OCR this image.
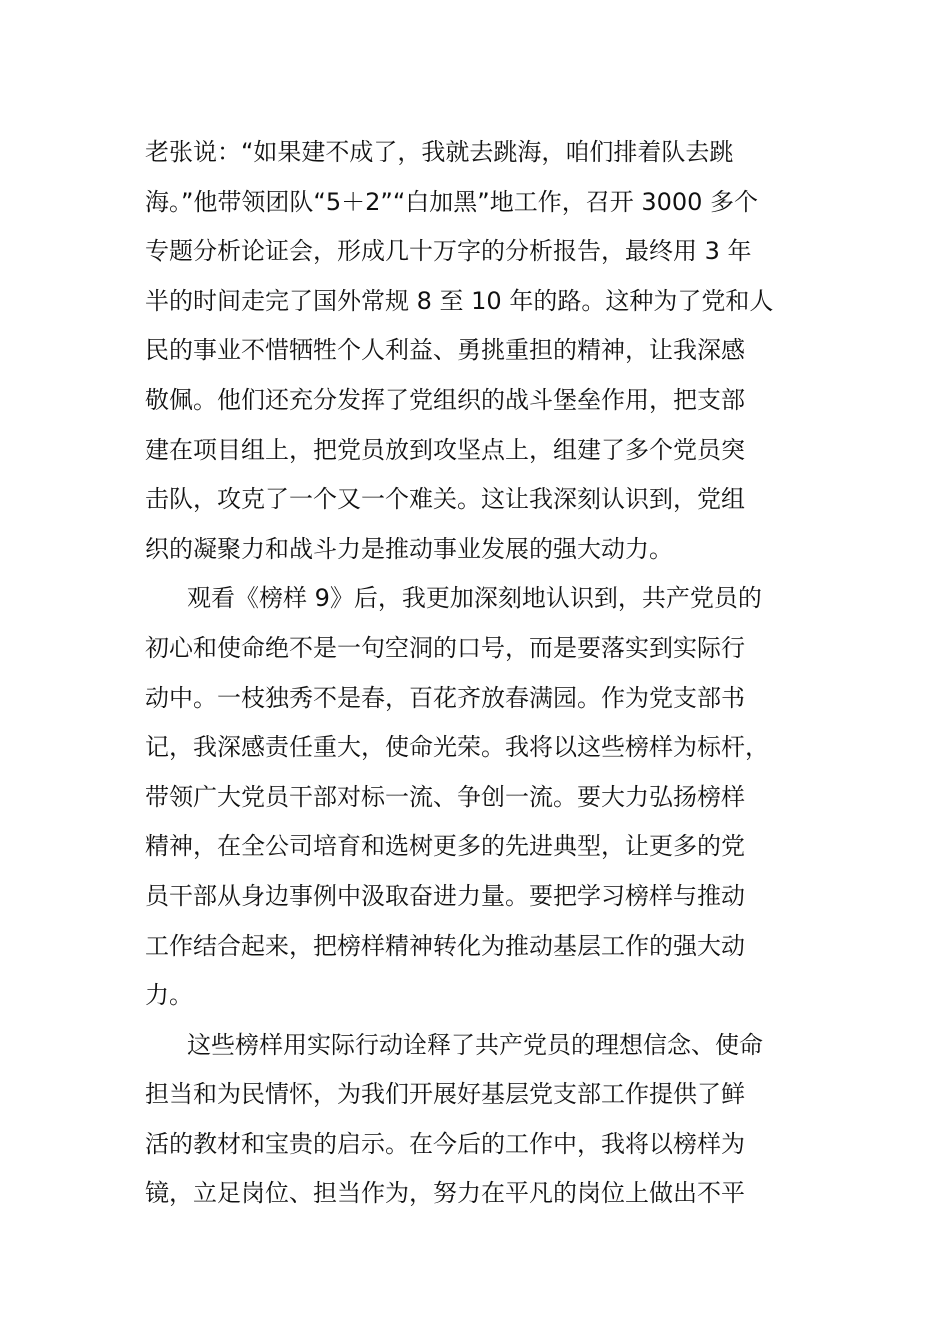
老张说：“如果建不成了，我就去跳海，咱们排着队去跳
海。”他带领团队“5＋2”“白加黑”地工作，召开 3000 多个
专题分析论证会，形成几十万字的分析报告，最终用 3 年
半的时间走完了国外常规 8 至 10 年的路。这种为了党和人
民的事业不惜牺牲个人利益、勇挑重担的精神，让我深感
敬佩。他们还充分发挥了党组织的战斗堡垒作用，把支部
建在项目组上，把党员放到攻坚点上，组建了多个党员突
击队，攻克了一个又一个难关。这让我深刻认识到，党组
织的凝聚力和战斗力是推动事业发展的强大动力。
观看《榜样 9》后，我更加深刻地认识到，共产党员的
初心和使命绝不是一句空洞的口号，而是要落实到实际行
动中。一枝独秀不是春，百花齐放春满园。作为党支部书
记，我深感责任重大，使命光荣。我将以这些榜样为标杆，
带领广大党员干部对标一流、争创一流。要大力弘扬榜样
精神，在全公司培育和选树更多的先进典型，让更多的党
员干部从身边事例中汲取奋进力量。要把学习榜样与推动
工作结合起来，把榜样精神转化为推动基层工作的强大动
力。
这些榜样用实际行动诠释了共产党员的理想信念、使命
担当和为民情怀，为我们开展好基层党支部工作提供了鲜
活的教材和宝贵的启示。在今后的工作中，我将以榜样为
镜，立足岗位、担当作为，努力在平凡的岗位上做出不平
